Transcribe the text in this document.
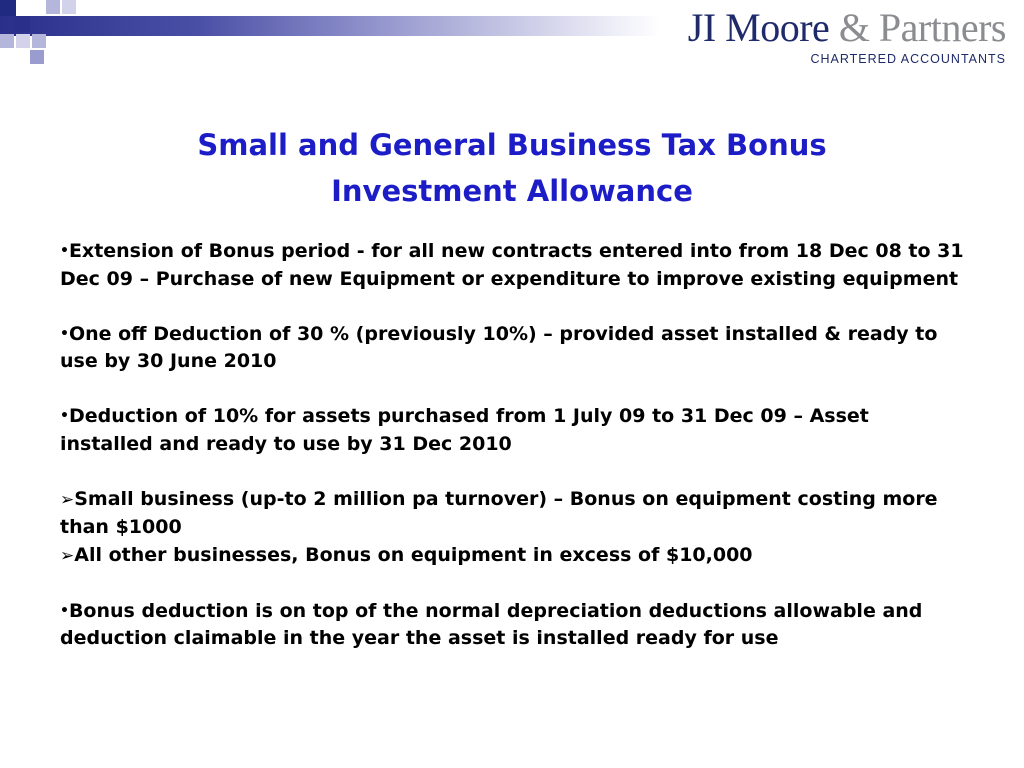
JI Moore & Partners
CHARTERED ACCOUNTANTS
Small and General Business Tax Bonus
Investment Allowance

•Extension of Bonus period - for all new contracts entered into from 18 Dec 08 to 31 Dec 09 – Purchase of new Equipment or expenditure to improve existing equipment

•One off Deduction of 30 % (previously 10%) – provided asset installed & ready to use by 30 June 2010

•Deduction of 10% for assets purchased from 1 July 09 to 31 Dec 09 – Asset installed and ready to use by 31 Dec 2010

➢Small business (up-to 2 million pa turnover) – Bonus on equipment costing more than $1000

➢All other businesses, Bonus on equipment in excess of $10,000

•Bonus deduction is on top of the normal depreciation deductions allowable and deduction claimable in the year the asset is installed ready for use
